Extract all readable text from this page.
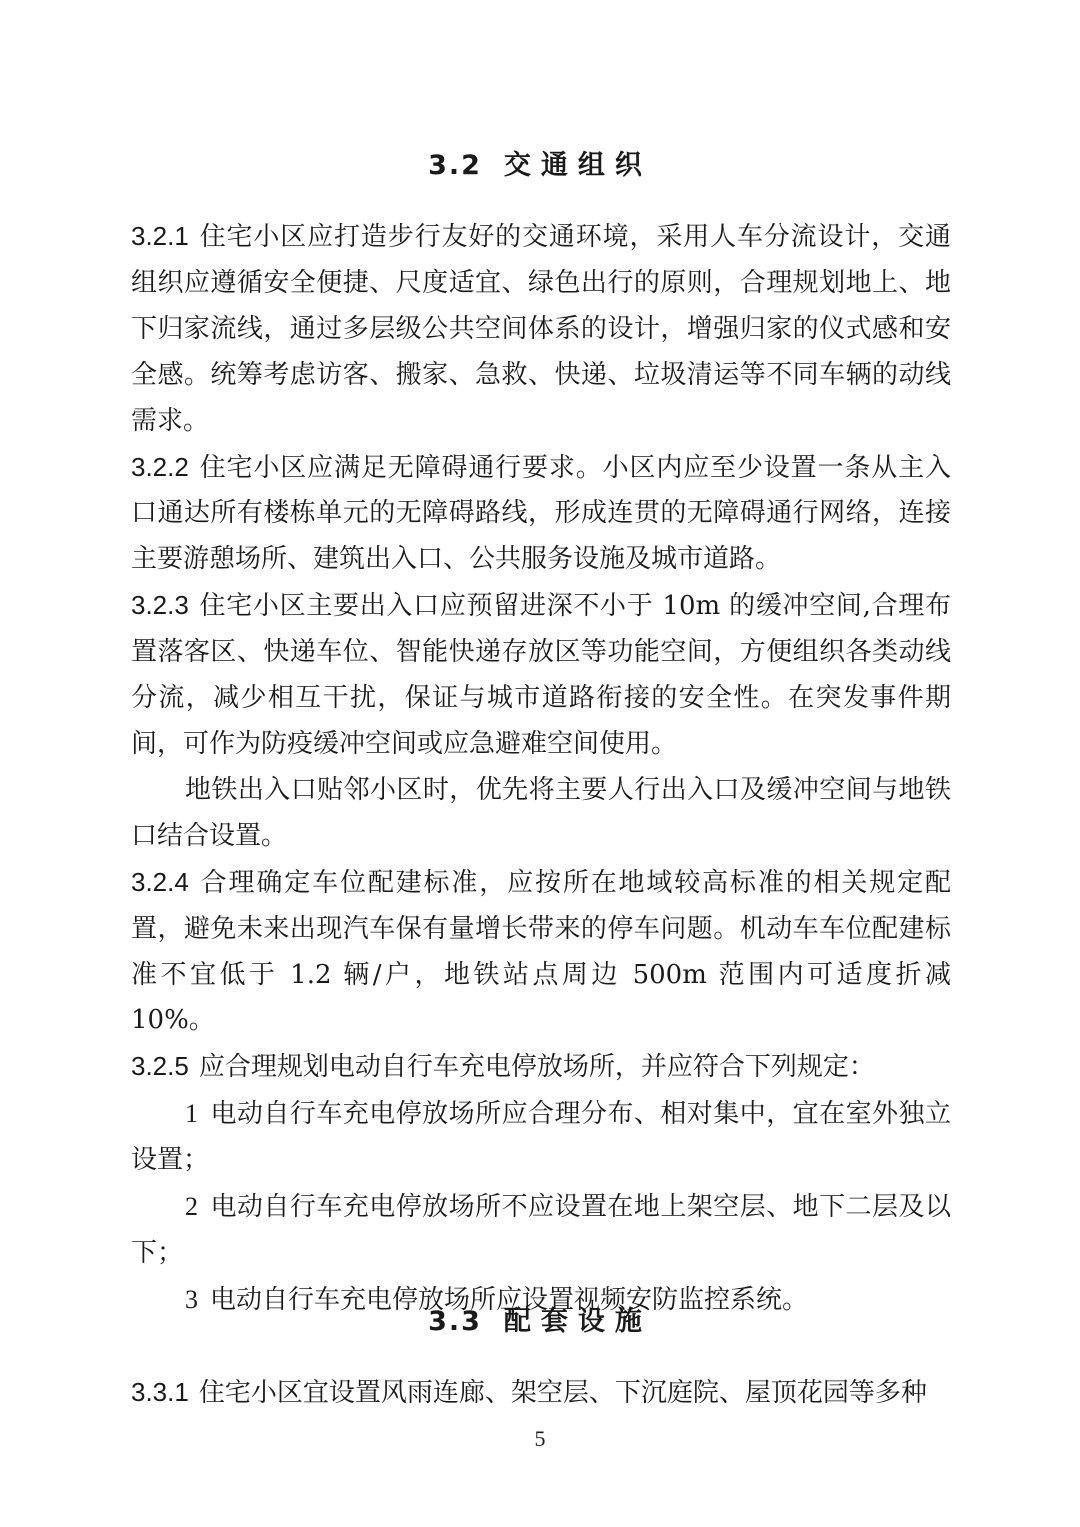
3.2 交通组织

3.2.1 住宅小区应打造步行友好的交通环境，采用人车分流设计，交通组织应遵循安全便捷、尺度适宜、绿色出行的原则，合理规划地上、地下归家流线，通过多层级公共空间体系的设计，增强归家的仪式感和安全感。统筹考虑访客、搬家、急救、快递、垃圾清运等不同车辆的动线需求。

3.2.2 住宅小区应满足无障碍通行要求。小区内应至少设置一条从主入口通达所有楼栋单元的无障碍路线，形成连贯的无障碍通行网络，连接主要游憩场所、建筑出入口、公共服务设施及城市道路。

3.2.3 住宅小区主要出入口应预留进深不小于 10m 的缓冲空间,合理布置落客区、快递车位、智能快递存放区等功能空间，方便组织各类动线分流，减少相互干扰，保证与城市道路衔接的安全性。在突发事件期间，可作为防疫缓冲空间或应急避难空间使用。

地铁出入口贴邻小区时，优先将主要人行出入口及缓冲空间与地铁口结合设置。

3.2.4 合理确定车位配建标准，应按所在地域较高标准的相关规定配置，避免未来出现汽车保有量增长带来的停车问题。机动车车位配建标准不宜低于 1.2 辆/户，地铁站点周边 500m 范围内可适度折减 10%。

3.2.5 应合理规划电动自行车充电停放场所，并应符合下列规定：

1 电动自行车充电停放场所应合理分布、相对集中，宜在室外独立设置；

2 电动自行车充电停放场所不应设置在地上架空层、地下二层及以下；

3 电动自行车充电停放场所应设置视频安防监控系统。

3.3 配套设施

3.3.1 住宅小区宜设置风雨连廊、架空层、下沉庭院、屋顶花园等多种

5
